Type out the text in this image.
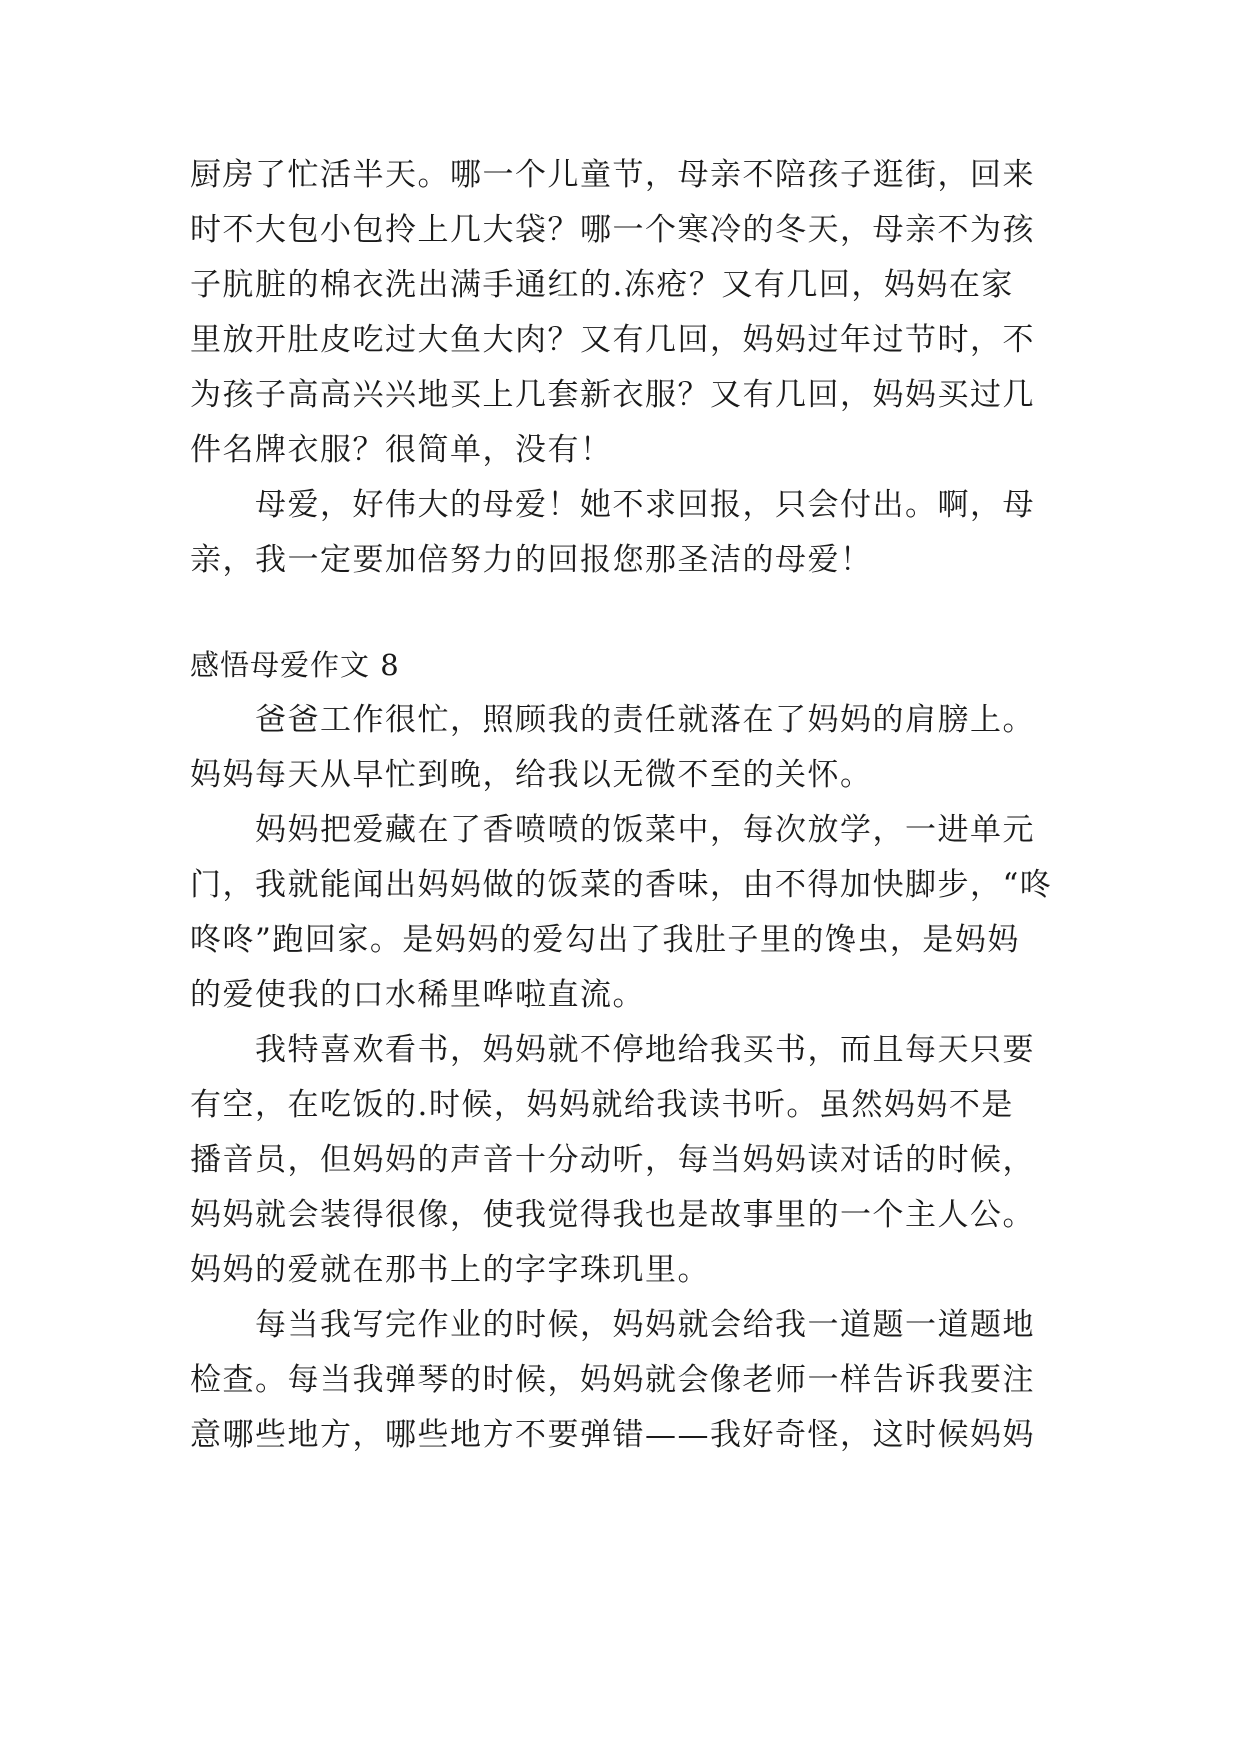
厨房了忙活半天。哪一个儿童节，母亲不陪孩子逛街，回来
时不大包小包拎上几大袋？哪一个寒冷的冬天，母亲不为孩
子肮脏的棉衣洗出满手通红的.冻疮？又有几回，妈妈在家
里放开肚皮吃过大鱼大肉？又有几回，妈妈过年过节时，不
为孩子高高兴兴地买上几套新衣服？又有几回，妈妈买过几
件名牌衣服？很简单，没有！
　　母爱，好伟大的母爱！她不求回报，只会付出。啊，母
亲，我一定要加倍努力的回报您那圣洁的母爱！
感悟母爱作文 8
　　爸爸工作很忙，照顾我的责任就落在了妈妈的肩膀上。
妈妈每天从早忙到晚，给我以无微不至的关怀。
　　妈妈把爱藏在了香喷喷的饭菜中，每次放学，一进单元
门，我就能闻出妈妈做的饭菜的香味，由不得加快脚步，“咚
咚咚”跑回家。是妈妈的爱勾出了我肚子里的馋虫，是妈妈
的爱使我的口水稀里哗啦直流。
　　我特喜欢看书，妈妈就不停地给我买书，而且每天只要
有空，在吃饭的.时候，妈妈就给我读书听。虽然妈妈不是
播音员，但妈妈的声音十分动听，每当妈妈读对话的时候，
妈妈就会装得很像，使我觉得我也是故事里的一个主人公。
妈妈的爱就在那书上的字字珠玑里。
　　每当我写完作业的时候，妈妈就会给我一道题一道题地
检查。每当我弹琴的时候，妈妈就会像老师一样告诉我要注
意哪些地方，哪些地方不要弹错——我好奇怪，这时候妈妈
